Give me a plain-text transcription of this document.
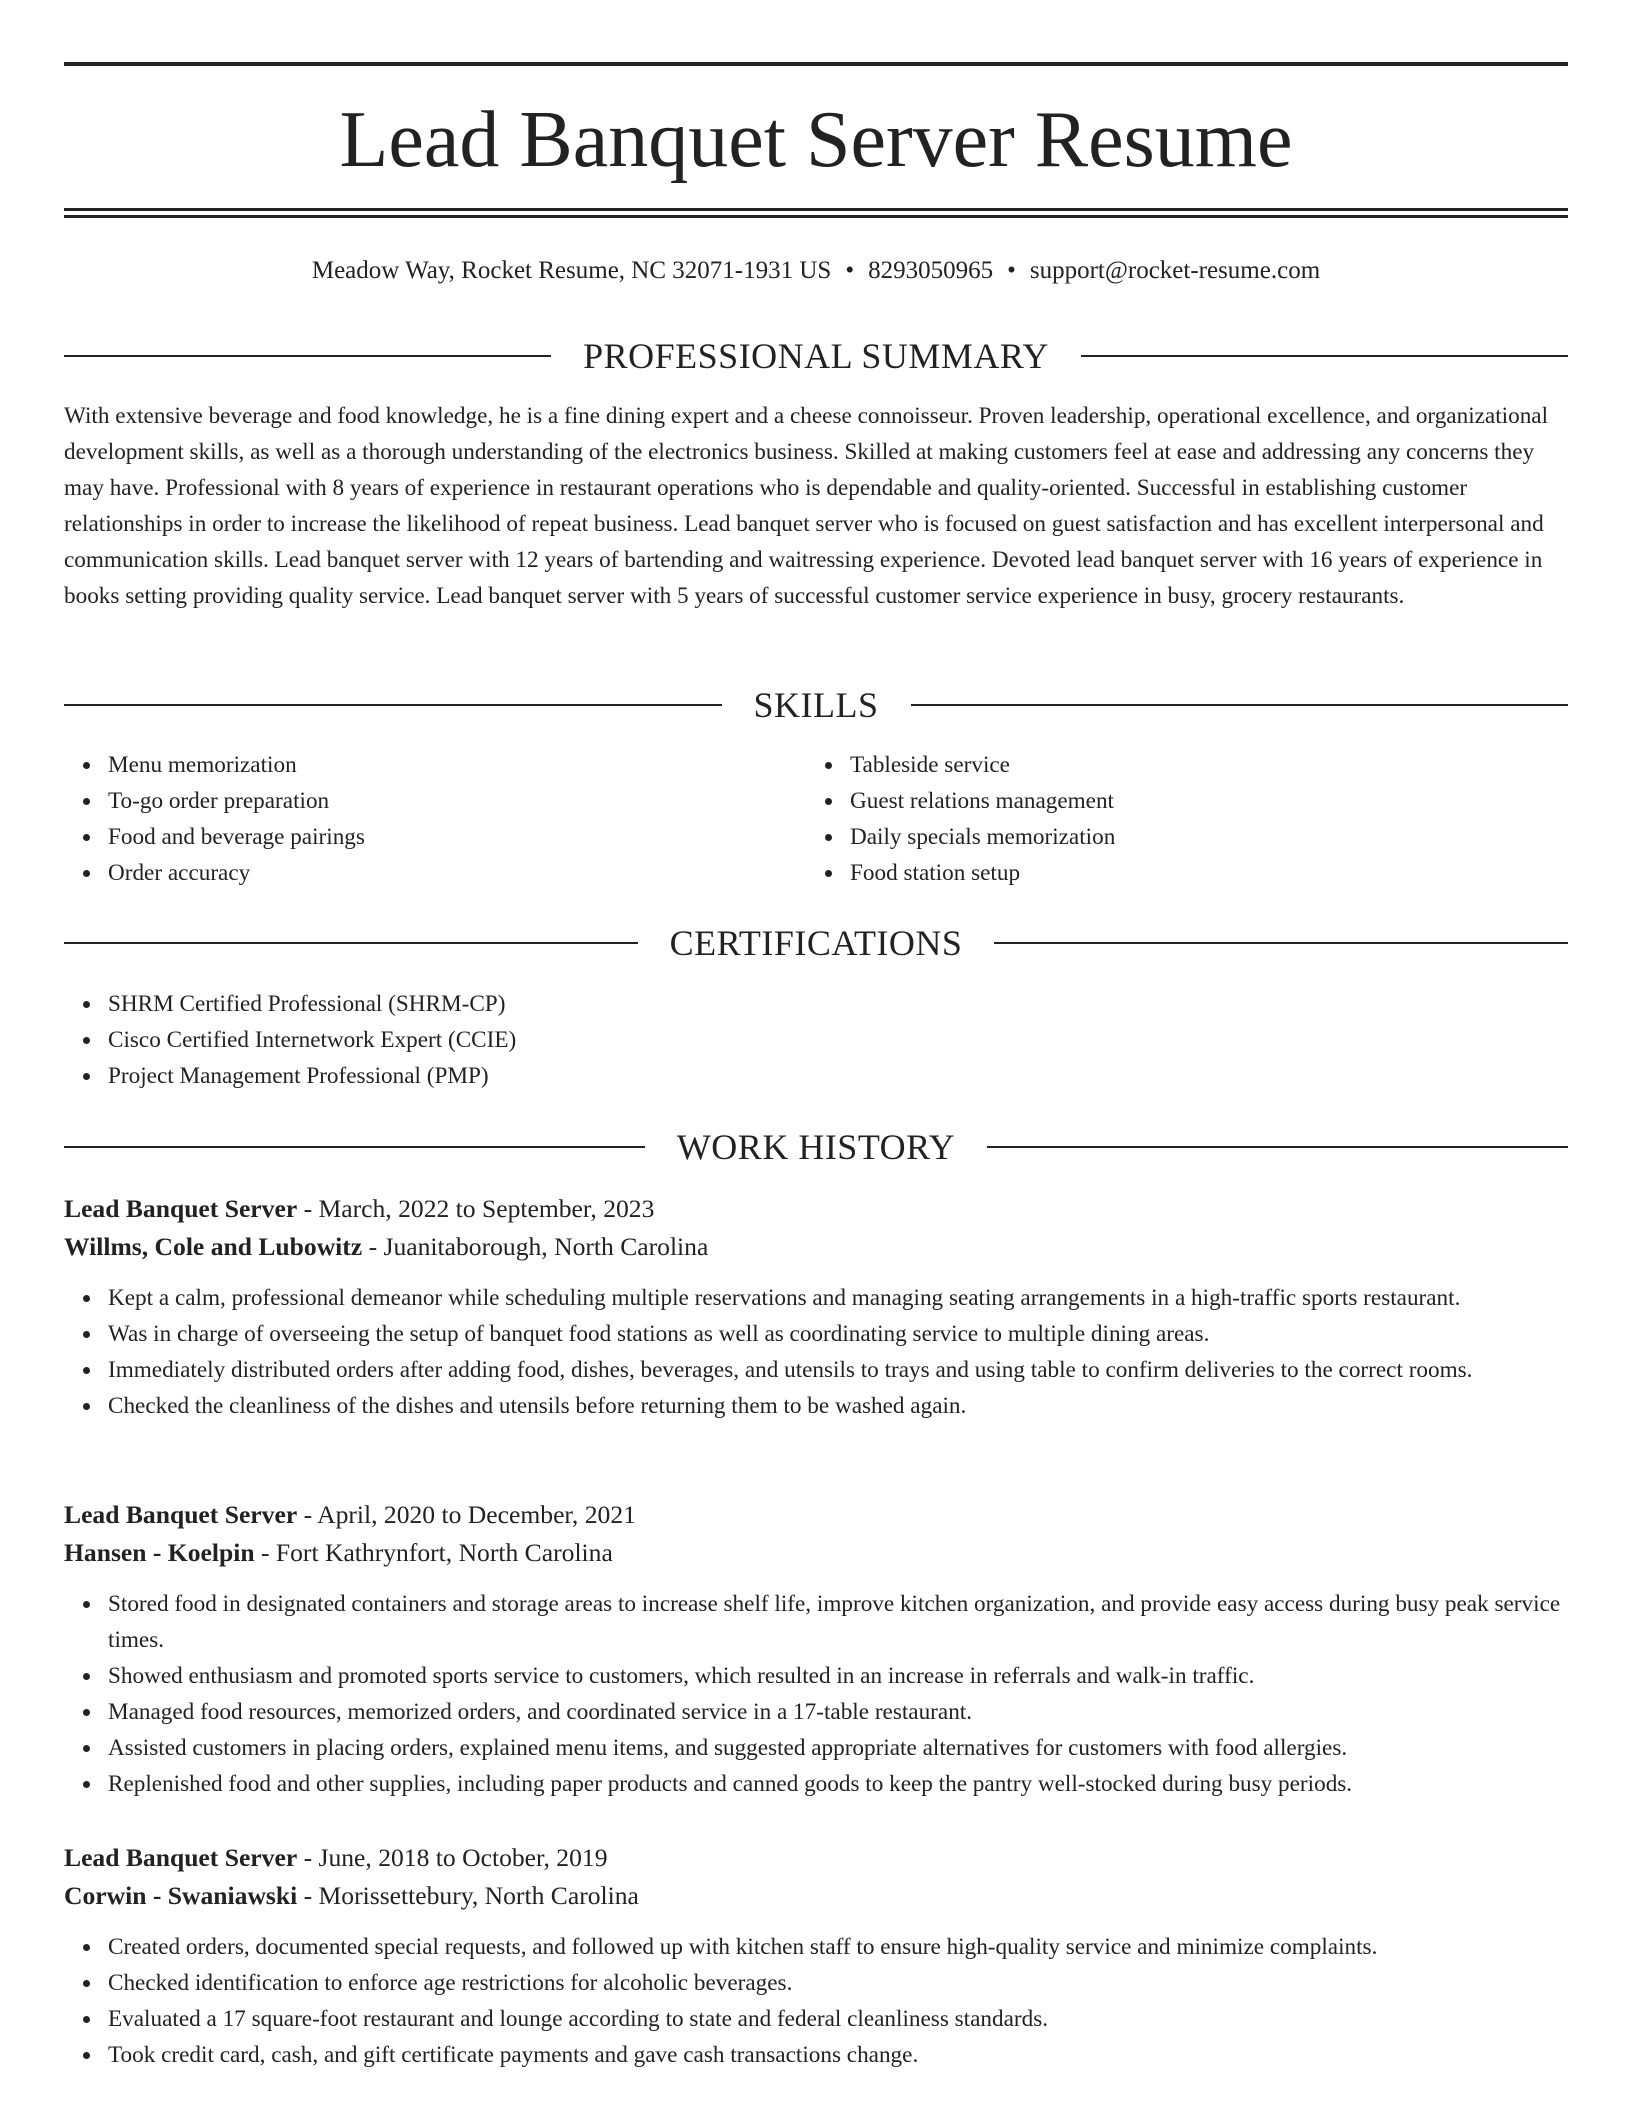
Lead Banquet Server Resume
Meadow Way, Rocket Resume, NC 32071-1931 US • 8293050965 • support@rocket-resume.com
PROFESSIONAL SUMMARY

With extensive beverage and food knowledge, he is a fine dining expert and a cheese connoisseur. Proven leadership, operational excellence, and organizational development skills, as well as a thorough understanding of the electronics business. Skilled at making customers feel at ease and addressing any concerns they may have. Professional with 8 years of experience in restaurant operations who is dependable and quality-oriented. Successful in establishing customer relationships in order to increase the likelihood of repeat business. Lead banquet server who is focused on guest satisfaction and has excellent interpersonal and communication skills. Lead banquet server with 12 years of bartending and waitressing experience. Devoted lead banquet server with 16 years of experience in books setting providing quality service. Lead banquet server with 5 years of successful customer service experience in busy, grocery restaurants.

SKILLS
Menu memorization
To-go order preparation
Food and beverage pairings
Order accuracy
Tableside service
Guest relations management
Daily specials memorization
Food station setup
CERTIFICATIONS
SHRM Certified Professional (SHRM-CP)
Cisco Certified Internetwork Expert (CCIE)
Project Management Professional (PMP)
WORK HISTORY
Lead Banquet Server - March, 2022 to September, 2023
Willms, Cole and Lubowitz - Juanitaborough, North Carolina
Kept a calm, professional demeanor while scheduling multiple reservations and managing seating arrangements in a high-traffic sports restaurant.
Was in charge of overseeing the setup of banquet food stations as well as coordinating service to multiple dining areas.
Immediately distributed orders after adding food, dishes, beverages, and utensils to trays and using table to confirm deliveries to the correct rooms.
Checked the cleanliness of the dishes and utensils before returning them to be washed again.
Lead Banquet Server - April, 2020 to December, 2021
Hansen - Koelpin - Fort Kathrynfort, North Carolina
Stored food in designated containers and storage areas to increase shelf life, improve kitchen organization, and provide easy access during busy peak service times.
Showed enthusiasm and promoted sports service to customers, which resulted in an increase in referrals and walk-in traffic.
Managed food resources, memorized orders, and coordinated service in a 17-table restaurant.
Assisted customers in placing orders, explained menu items, and suggested appropriate alternatives for customers with food allergies.
Replenished food and other supplies, including paper products and canned goods to keep the pantry well-stocked during busy periods.
Lead Banquet Server - June, 2018 to October, 2019
Corwin - Swaniawski - Morissettebury, North Carolina
Created orders, documented special requests, and followed up with kitchen staff to ensure high-quality service and minimize complaints.
Checked identification to enforce age restrictions for alcoholic beverages.
Evaluated a 17 square-foot restaurant and lounge according to state and federal cleanliness standards.
Took credit card, cash, and gift certificate payments and gave cash transactions change.
